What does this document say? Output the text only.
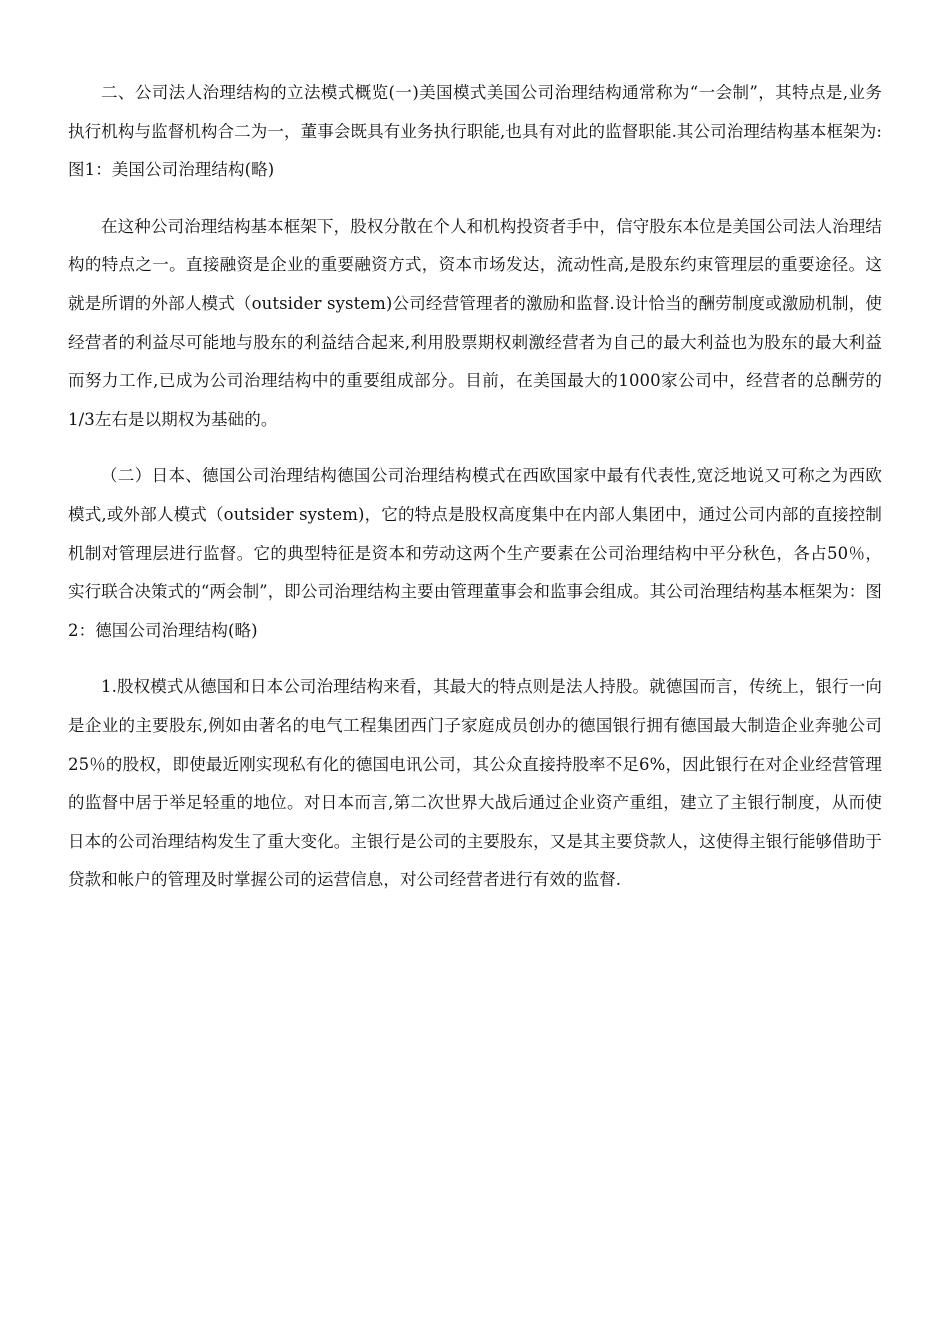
二、公司法人治理结构的立法模式概览(一)美国模式美国公司治理结构通常称为“一会制”，其特点是,业务执行机构与监督机构合二为一，董事会既具有业务执行职能,也具有对此的监督职能.其公司治理结构基本框架为:图1：美国公司治理结构(略)

在这种公司治理结构基本框架下，股权分散在个人和机构投资者手中，信守股东本位是美国公司法人治理结构的特点之一。直接融资是企业的重要融资方式，资本市场发达，流动性高,是股东约束管理层的重要途径。这就是所谓的外部人模式（outsider system)公司经营管理者的激励和监督.设计恰当的酬劳制度或激励机制，使经营者的利益尽可能地与股东的利益结合起来,利用股票期权刺激经营者为自己的最大利益也为股东的最大利益而努力工作,已成为公司治理结构中的重要组成部分。目前，在美国最大的1000家公司中，经营者的总酬劳的1/3左右是以期权为基础的。

（二）日本、德国公司治理结构德国公司治理结构模式在西欧国家中最有代表性,宽泛地说又可称之为西欧模式,或外部人模式（outsider system)，它的特点是股权高度集中在内部人集团中，通过公司内部的直接控制机制对管理层进行监督。它的典型特征是资本和劳动这两个生产要素在公司治理结构中平分秋色，各占50％，实行联合决策式的“两会制”，即公司治理结构主要由管理董事会和监事会组成。其公司治理结构基本框架为：图2：德国公司治理结构(略)

1.股权模式从德国和日本公司治理结构来看，其最大的特点则是法人持股。就德国而言，传统上，银行一向是企业的主要股东,例如由著名的电气工程集团西门子家庭成员创办的德国银行拥有德国最大制造企业奔驰公司25％的股权，即使最近刚实现私有化的德国电讯公司，其公众直接持股率不足6%，因此银行在对企业经营管理的监督中居于举足轻重的地位。对日本而言,第二次世界大战后通过企业资产重组，建立了主银行制度，从而使日本的公司治理结构发生了重大变化。主银行是公司的主要股东，又是其主要贷款人，这使得主银行能够借助于贷款和帐户的管理及时掌握公司的运营信息，对公司经营者进行有效的监督.
